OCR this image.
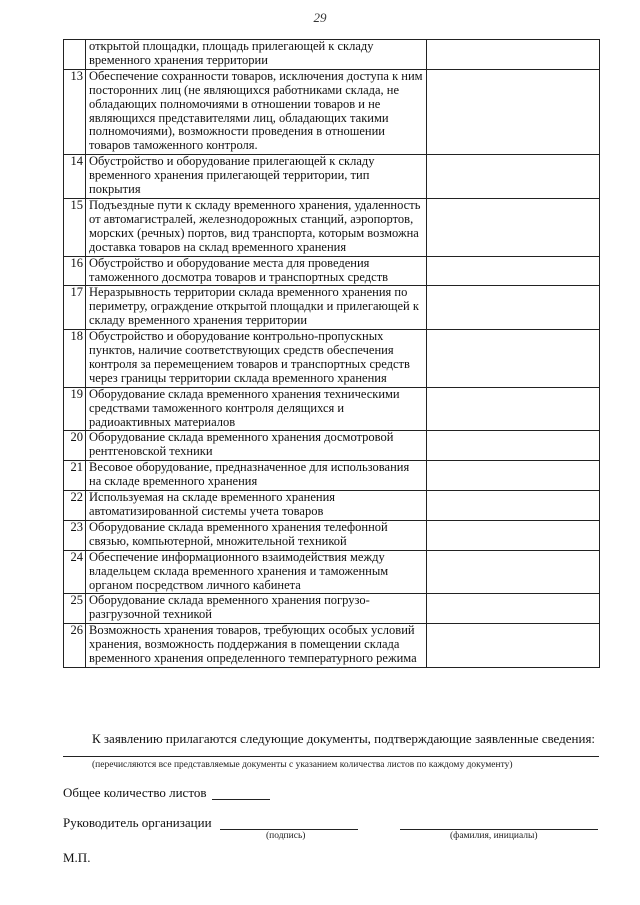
29
	открытой площадки, площадь прилегающей к складу временного хранения территории	
13	Обеспечение сохранности товаров, исключения доступа к ним посторонних лиц (не являющихся работниками склада, не обладающих полномочиями в отношении товаров и не являющихся представителями лиц, обладающих такими полномочиями), возможности проведения в отношении товаров таможенного контроля.	
14	Обустройство и оборудование прилегающей к складу временного хранения прилегающей территории, тип покрытия	
15	Подъездные пути к складу временного хранения, удаленность от автомагистралей, железнодорожных станций, аэропортов, морских (речных) портов, вид транспорта, которым возможна доставка товаров на склад временного хранения	
16	Обустройство и оборудование места для проведения таможенного досмотра товаров и транспортных средств	
17	Неразрывность территории склада временного хранения по периметру, ограждение открытой площадки и прилегающей к складу временного хранения территории	
18	Обустройство и оборудование контрольно-пропускных пунктов, наличие соответствующих средств обеспечения контроля за перемещением товаров и транспортных средств через границы территории склада временного хранения	
19	Оборудование склада временного хранения техническими средствами таможенного контроля делящихся и радиоактивных материалов	
20	Оборудование склада временного хранения досмотровой рентгеновской техники	
21	Весовое оборудование, предназначенное для использования на складе временного хранения	
22	Используемая на складе временного хранения автоматизированной системы учета товаров	
23	Оборудование склада временного хранения телефонной связью, компьютерной, множительной техникой	
24	Обеспечение информационного взаимодействия между владельцем склада временного хранения и таможенным органом посредством личного кабинета	
25	Оборудование склада временного хранения погрузо-разгрузочной техникой	
26	Возможность хранения товаров, требующих особых условий хранения, возможность поддержания в помещении склада временного хранения определенного температурного режима	
К заявлению прилагаются следующие документы, подтверждающие заявленные сведения:
(перечисляются все представляемые документы с указанием количества листов по каждому документу)
Общее количество листов
Руководитель организации
(подпись)	(фамилия, инициалы)
М.П.
